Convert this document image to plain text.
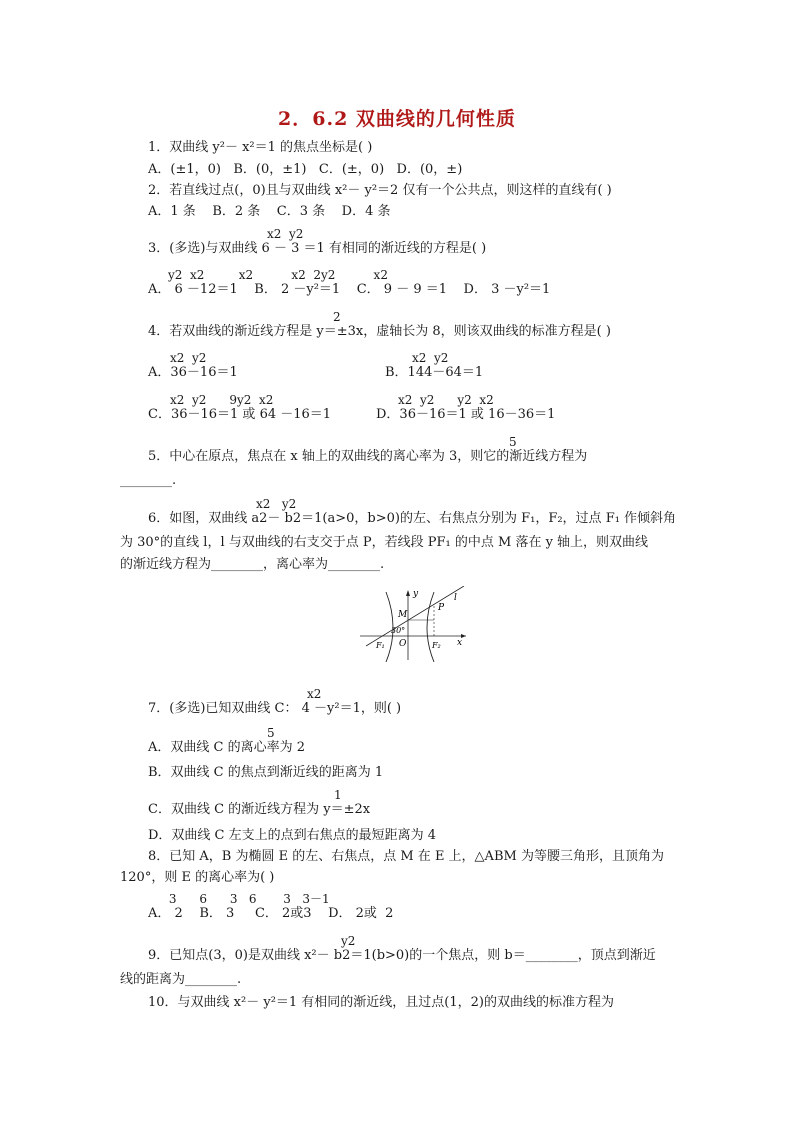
2．6.2 双曲线的几何性质
1．双曲线 y²－ x²＝1 的焦点坐标是( )
A．(±1，0)   B．(0，±1)   C．(±，0)   D．(0，±)
2．若直线过点(，0)且与双曲线 x²－ y²＝2 仅有一个公共点，则这样的直线有( )
A．1 条    B．2 条    C．3 条    D．4 条
x2  y2
3．(多选)与双曲线 6 － 3 ＝1 有相同的渐近线的方程是( )
y2  x2         x2          x2  2y2          x2
A． 6 －12＝1    B． 2 －y²＝1    C． 9 － 9 ＝1    D． 3 －y²＝1
2
4．若双曲线的渐近线方程是 y＝±3x，虚轴长为 8，则该双曲线的标准方程是( )
x2  y2	x2  y2
A．36－16＝1	B．144－64＝1
x2  y2      9y2  x2	x2  y2      y2  x2
C．36－16＝1 或 64 －16＝1	D．36－16＝1 或 16－36＝1
5
5．中心在原点，焦点在 x 轴上的双曲线的离心率为 3，则它的渐近线方程为
________.
x2   y2
6．如图，双曲线 a2－ b2＝1(a>0，b>0)的左、右焦点分别为 F₁，F₂，过点 F₁ 作倾斜角
为 30°的直线 l，l 与双曲线的右支交于点 P，若线段 PF₁ 的中点 M 落在 y 轴上，则双曲线
的渐近线方程为________，离心率为________.
y
x
M
P
l
30°
O
F₁	F₂
x2
7．(多选)已知双曲线 C： 4 －y²＝1，则( )
5
A．双曲线 C 的离心率为 2
B．双曲线 C 的焦点到渐近线的距离为 1
1
C．双曲线 C 的渐近线方程为 y＝±2x
D．双曲线 C 左支上的点到右焦点的最短距离为 4
8．已知 A，B 为椭圆 E 的左、右焦点，点 M 在 E 上，△ABM 为等腰三角形，且顶角为
120°，则 E 的离心率为( )
3      6      3   6       3   3－1
A． 2    B． 3     C． 2或3    D． 2或  2
y2
9．已知点(3，0)是双曲线 x²－ b2＝1(b>0)的一个焦点，则 b＝________，顶点到渐近
线的距离为________.
10．与双曲线 x²－ y²＝1 有相同的渐近线，且过点(1，2)的双曲线的标准方程为
